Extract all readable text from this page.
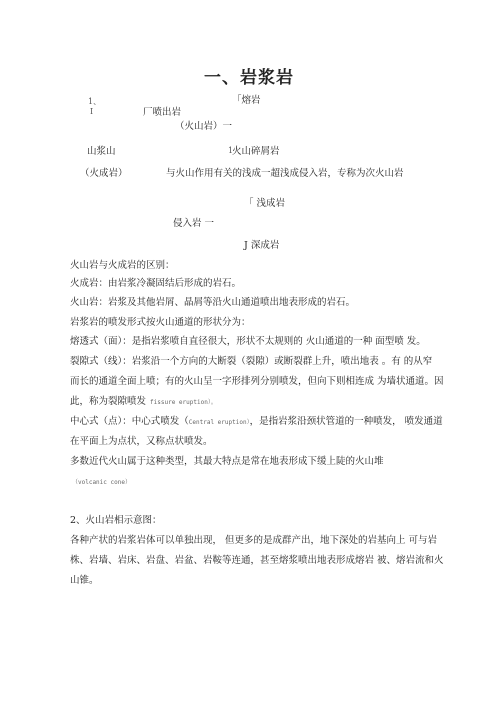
一、岩浆岩
1、
I
「熔岩
厂喷出岩
（火山岩）一
山浆山	1
火山碎屑岩
（火成岩）	与火山作用有关的浅成一超浅成侵入岩，专称为次火山岩
「 浅成岩
侵入岩 一
J 深成岩
火山岩与火成岩的区别：
火成岩：由岩浆冷凝固结后形成的岩石。
火山岩：岩浆及其他岩屑、晶屑等沿火山通道喷出地表形成的岩石。
岩浆岩的喷发形式按火山通道的形状分为：
熔透式（面）：是指岩浆喷自直径很大，形状不太规则的 火山通道的一种 面型喷 发。
裂隙式（线）：岩浆沿一个方向的大断裂（裂隙）或断裂群上升，喷出地表 。有 的从窄
而长的通道全面上喷；有的火山呈一字形排列分别喷发，但向下则相连成 为墙状通道。因
此，称为裂隙喷发 fissure eruption）。
中心式（点）：中心式喷发（Central eruption），是指岩浆沿颈状管道的一种喷发， 喷发通道
在平面上为点状，又称点状喷发。
多数近代火山属于这种类型，其最大特点是常在地表形成下缓上陡的火山堆
（volcanic cone）
2、火山岩相示意图：
各种产状的岩浆岩体可以单独出现， 但更多的是成群产出，地下深处的岩基向上 可与岩
株、岩墙、岩床、岩盘、岩盆、岩鞍等连通，甚至熔浆喷出地表形成熔岩 被、熔岩流和火
山锥。
